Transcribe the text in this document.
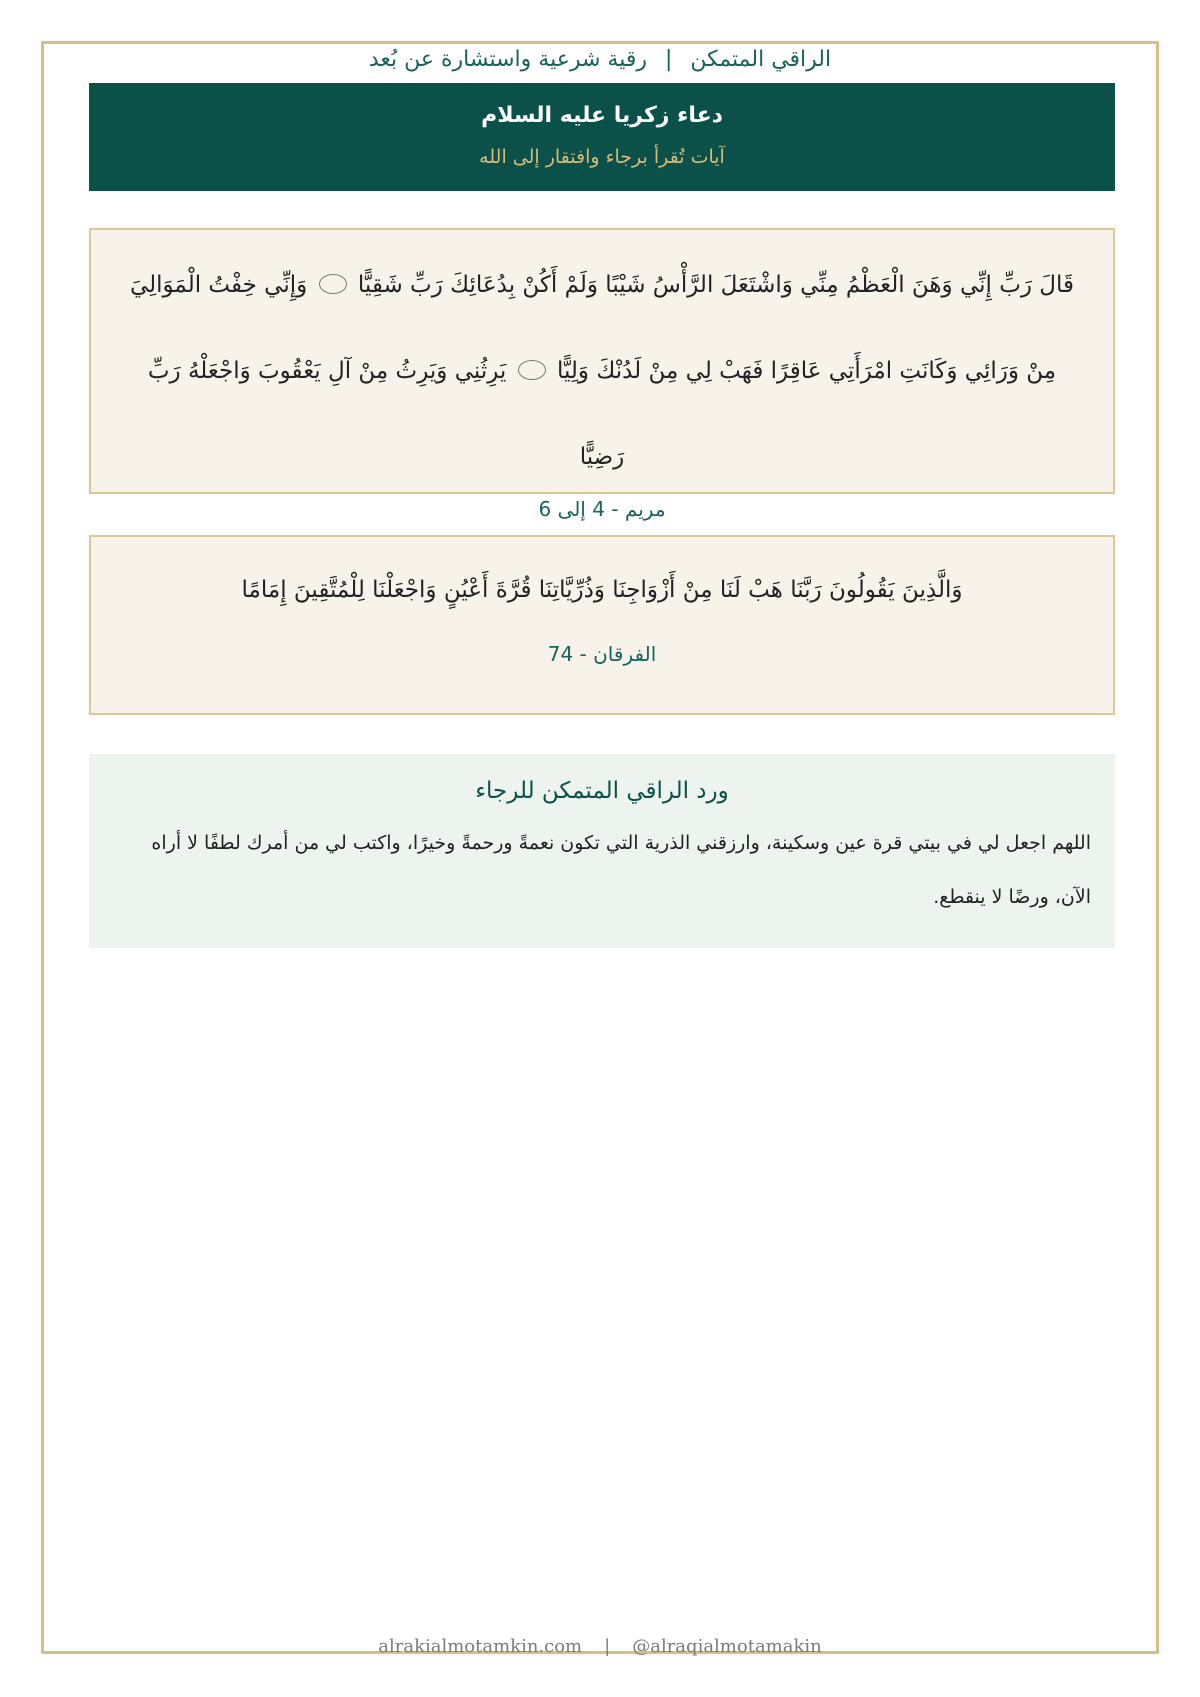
الراقي المتمكن|رقية شرعية واستشارة عن بُعد
دعاء زكريا عليه السلام
آيات تُقرأ برجاء وافتقار إلى الله
قَالَ رَبِّ إِنِّي وَهَنَ الْعَظْمُ مِنِّي وَاشْتَعَلَ الرَّأْسُ شَيْبًا وَلَمْ أَكُنْ بِدُعَائِكَ رَبِّ شَقِيًّا  وَإِنِّي خِفْتُ الْمَوَالِيَ مِنْ وَرَائِي وَكَانَتِ امْرَأَتِي عَاقِرًا فَهَبْ لِي مِنْ لَدُنْكَ وَلِيًّا  يَرِثُنِي وَيَرِثُ مِنْ آلِ يَعْقُوبَ وَاجْعَلْهُ رَبِّ رَضِيًّا
مريم - 4 إلى 6
وَالَّذِينَ يَقُولُونَ رَبَّنَا هَبْ لَنَا مِنْ أَزْوَاجِنَا وَذُرِّيَّاتِنَا قُرَّةَ أَعْيُنٍ وَاجْعَلْنَا لِلْمُتَّقِينَ إِمَامًا
الفرقان - 74
ورد الراقي المتمكن للرجاء
اللهم اجعل لي في بيتي قرة عين وسكينة، وارزقني الذرية التي تكون نعمةً ورحمةً وخيرًا، واكتب لي من أمرك لطفًا لا أراه الآن، ورضًا لا ينقطع.
alrakialmotamkin.com | @alraqialmotamakin
